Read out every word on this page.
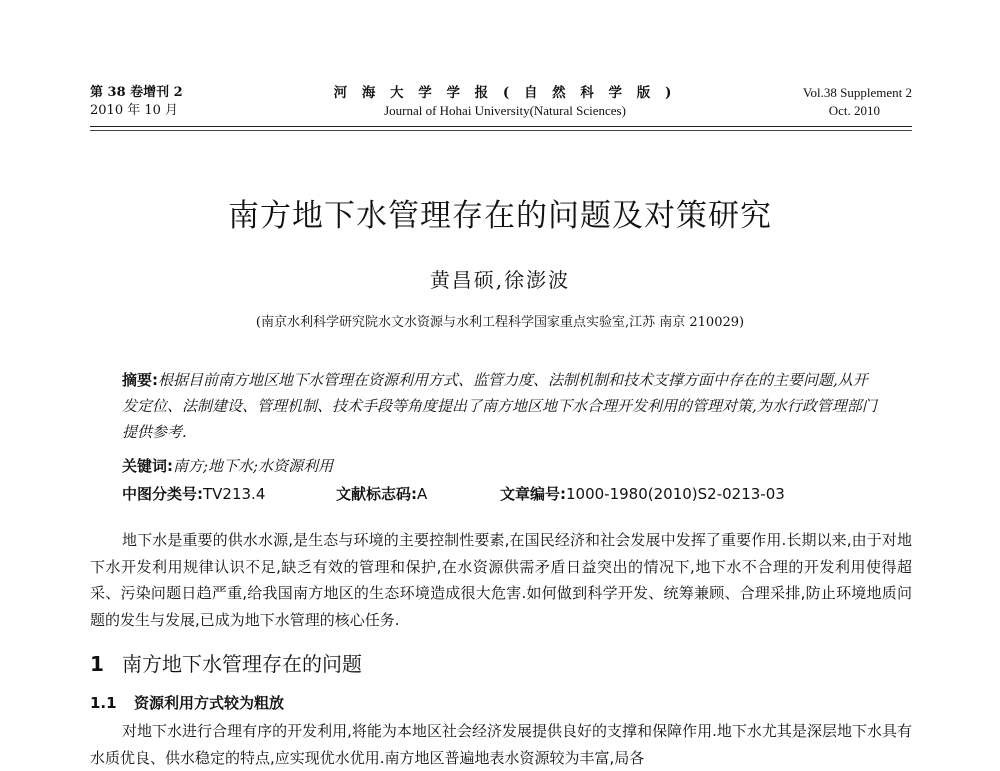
第 38 卷增刊 2
2010 年 10 月
河 海 大 学 学 报 ( 自 然 科 学 版 )
Journal of Hohai University(Natural Sciences)
Vol.38 Supplement 2
Oct. 2010
南方地下水管理存在的问题及对策研究
黄昌硕,徐澎波
(南京水利科学研究院水文水资源与水利工程科学国家重点实验室,江苏 南京 210029)
摘要:根据目前南方地区地下水管理在资源利用方式、监管力度、法制机制和技术支撑方面中存在的主要问题,从开发定位、法制建设、管理机制、技术手段等角度提出了南方地区地下水合理开发利用的管理对策,为水行政管理部门提供参考.
关键词:南方;地下水;水资源利用
中图分类号:TV213.4	文献标志码:A	文章编号:1000-1980(2010)S2-0213-03

地下水是重要的供水水源,是生态与环境的主要控制性要素,在国民经济和社会发展中发挥了重要作用.长期以来,由于对地下水开发利用规律认识不足,缺乏有效的管理和保护,在水资源供需矛盾日益突出的情况下,地下水不合理的开发利用使得超采、污染问题日趋严重,给我国南方地区的生态环境造成很大危害.如何做到科学开发、统筹兼顾、合理采排,防止环境地质问题的发生与发展,已成为地下水管理的核心任务.

1 南方地下水管理存在的问题
1.1 资源利用方式较为粗放

对地下水进行合理有序的开发利用,将能为本地区社会经济发展提供良好的支撑和保障作用.地下水尤其是深层地下水具有水质优良、供水稳定的特点,应实现优水优用.南方地区普遍地表水资源较为丰富,局各
